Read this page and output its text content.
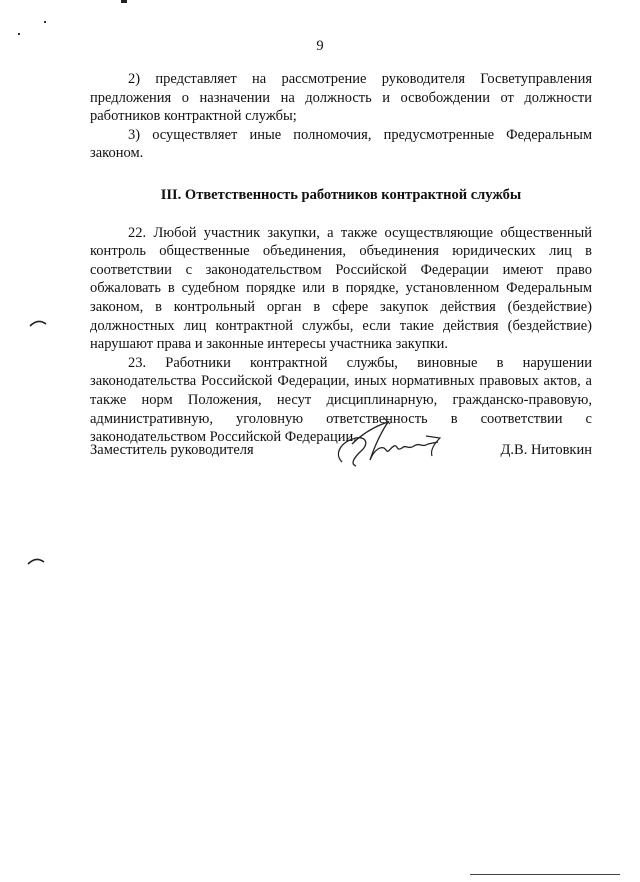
9

2) представляет на рассмотрение руководителя Госветуправления предложения о назначении на должность и освобождении от должности работников контрактной службы;

3) осуществляет иные полномочия, предусмотренные Федеральным законом.

III. Ответственность работников контрактной службы

22. Любой участник закупки, а также осуществляющие общественный контроль общественные объединения, объединения юридических лиц в соответствии с законодательством Российской Федерации имеют право обжаловать в судебном порядке или в порядке, установленном Федеральным законом, в контрольный орган в сфере закупок действия (бездействие) должностных лиц контрактной службы, если такие действия (бездействие) нарушают права и законные интересы участника закупки.

23. Работники контрактной службы, виновные в нарушении законодательства Российской Федерации, иных нормативных правовых актов, а также норм Положения, несут дисциплинарную, гражданско-правовую, административную, уголовную ответственность в соответствии с законодательством Российской Федерации.

Заместитель руководителя	Д.В. Нитовкин
